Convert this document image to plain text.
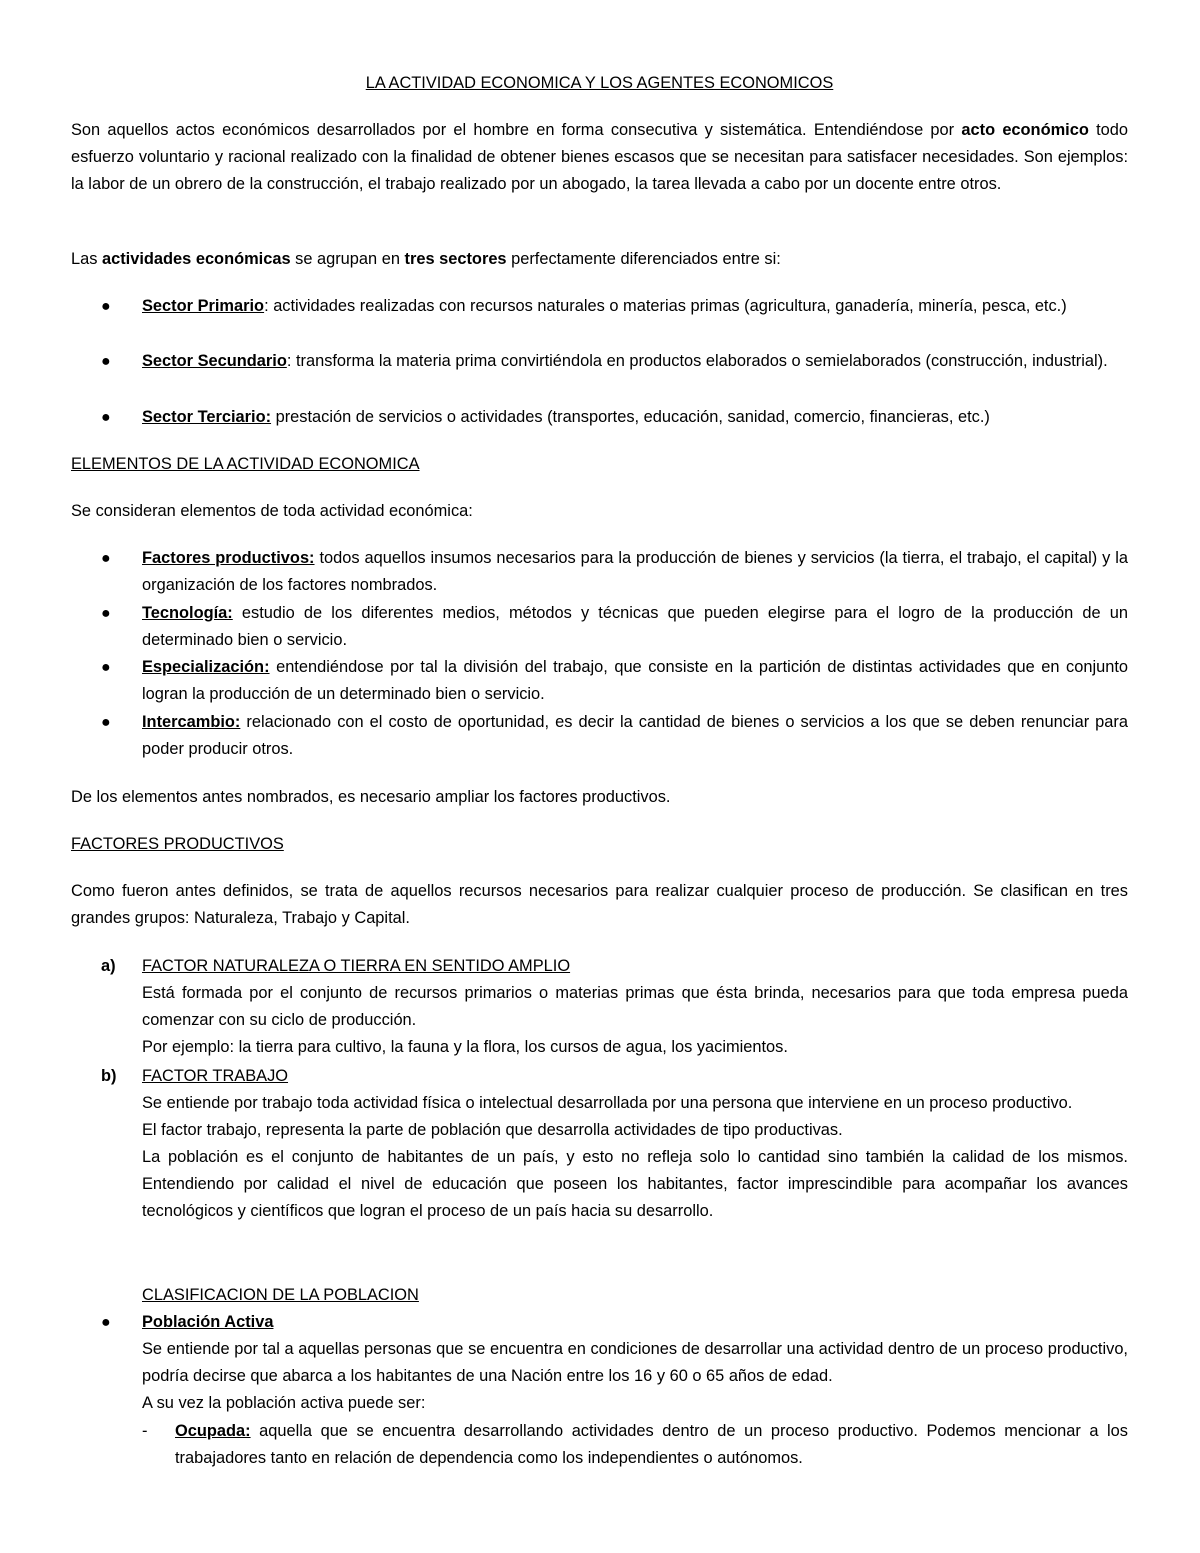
LA ACTIVIDAD ECONOMICA Y LOS AGENTES ECONOMICOS

Son aquellos actos económicos desarrollados por el hombre en forma consecutiva y sistemática. Entendiéndose por acto económico todo esfuerzo voluntario y racional realizado con la finalidad de obtener bienes escasos que se necesitan para satisfacer necesidades. Son ejemplos: la labor de un obrero de la construcción, el trabajo realizado por un abogado, la tarea llevada a cabo por un docente entre otros.

Las actividades económicas se agrupan en tres sectores perfectamente diferenciados entre si:

● Sector Primario: actividades realizadas con recursos naturales o materias primas (agricultura, ganadería, minería, pesca, etc.)

● Sector Secundario: transforma la materia prima convirtiéndola en productos elaborados o semielaborados (construcción, industrial).

● Sector Terciario: prestación de servicios o actividades (transportes, educación, sanidad, comercio, financieras, etc.)

ELEMENTOS DE LA ACTIVIDAD ECONOMICA

Se consideran elementos de toda actividad económica:

● Factores productivos: todos aquellos insumos necesarios para la producción de bienes y servicios (la tierra, el trabajo, el capital) y la organización de los factores nombrados.

● Tecnología: estudio de los diferentes medios, métodos y técnicas que pueden elegirse para el logro de la producción de un determinado bien o servicio.

● Especialización: entendiéndose por tal la división del trabajo, que consiste en la partición de distintas actividades que en conjunto logran la producción de un determinado bien o servicio.

● Intercambio: relacionado con el costo de oportunidad, es decir la cantidad de bienes o servicios a los que se deben renunciar para poder producir otros.

De los elementos antes nombrados, es necesario ampliar los factores productivos.

FACTORES PRODUCTIVOS

Como fueron antes definidos, se trata de aquellos recursos necesarios para realizar cualquier proceso de producción. Se clasifican en tres grandes grupos: Naturaleza, Trabajo y Capital.

a) FACTOR NATURALEZA O TIERRA EN SENTIDO AMPLIO

Está formada por el conjunto de recursos primarios o materias primas que ésta brinda, necesarios para que toda empresa pueda comenzar con su ciclo de producción.

Por ejemplo: la tierra para cultivo, la fauna y la flora, los cursos de agua, los yacimientos.

b) FACTOR TRABAJO

Se entiende por trabajo toda actividad física o intelectual desarrollada por una persona que interviene en un proceso productivo.

El factor trabajo, representa la parte de población que desarrolla actividades de tipo productivas.

La población es el conjunto de habitantes de un país, y esto no refleja solo lo cantidad sino también la calidad de los mismos. Entendiendo por calidad el nivel de educación que poseen los habitantes, factor imprescindible para acompañar los avances tecnológicos y científicos que logran el proceso de un país hacia su desarrollo.

CLASIFICACION DE LA POBLACION

● Población Activa

Se entiende por tal a aquellas personas que se encuentra en condiciones de desarrollar una actividad dentro de un proceso productivo, podría decirse que abarca a los habitantes de una Nación entre los 16 y 60 o 65 años de edad.

A su vez la población activa puede ser:

- Ocupada: aquella que se encuentra desarrollando actividades dentro de un proceso productivo. Podemos mencionar a los trabajadores tanto en relación de dependencia como los independientes o autónomos.
